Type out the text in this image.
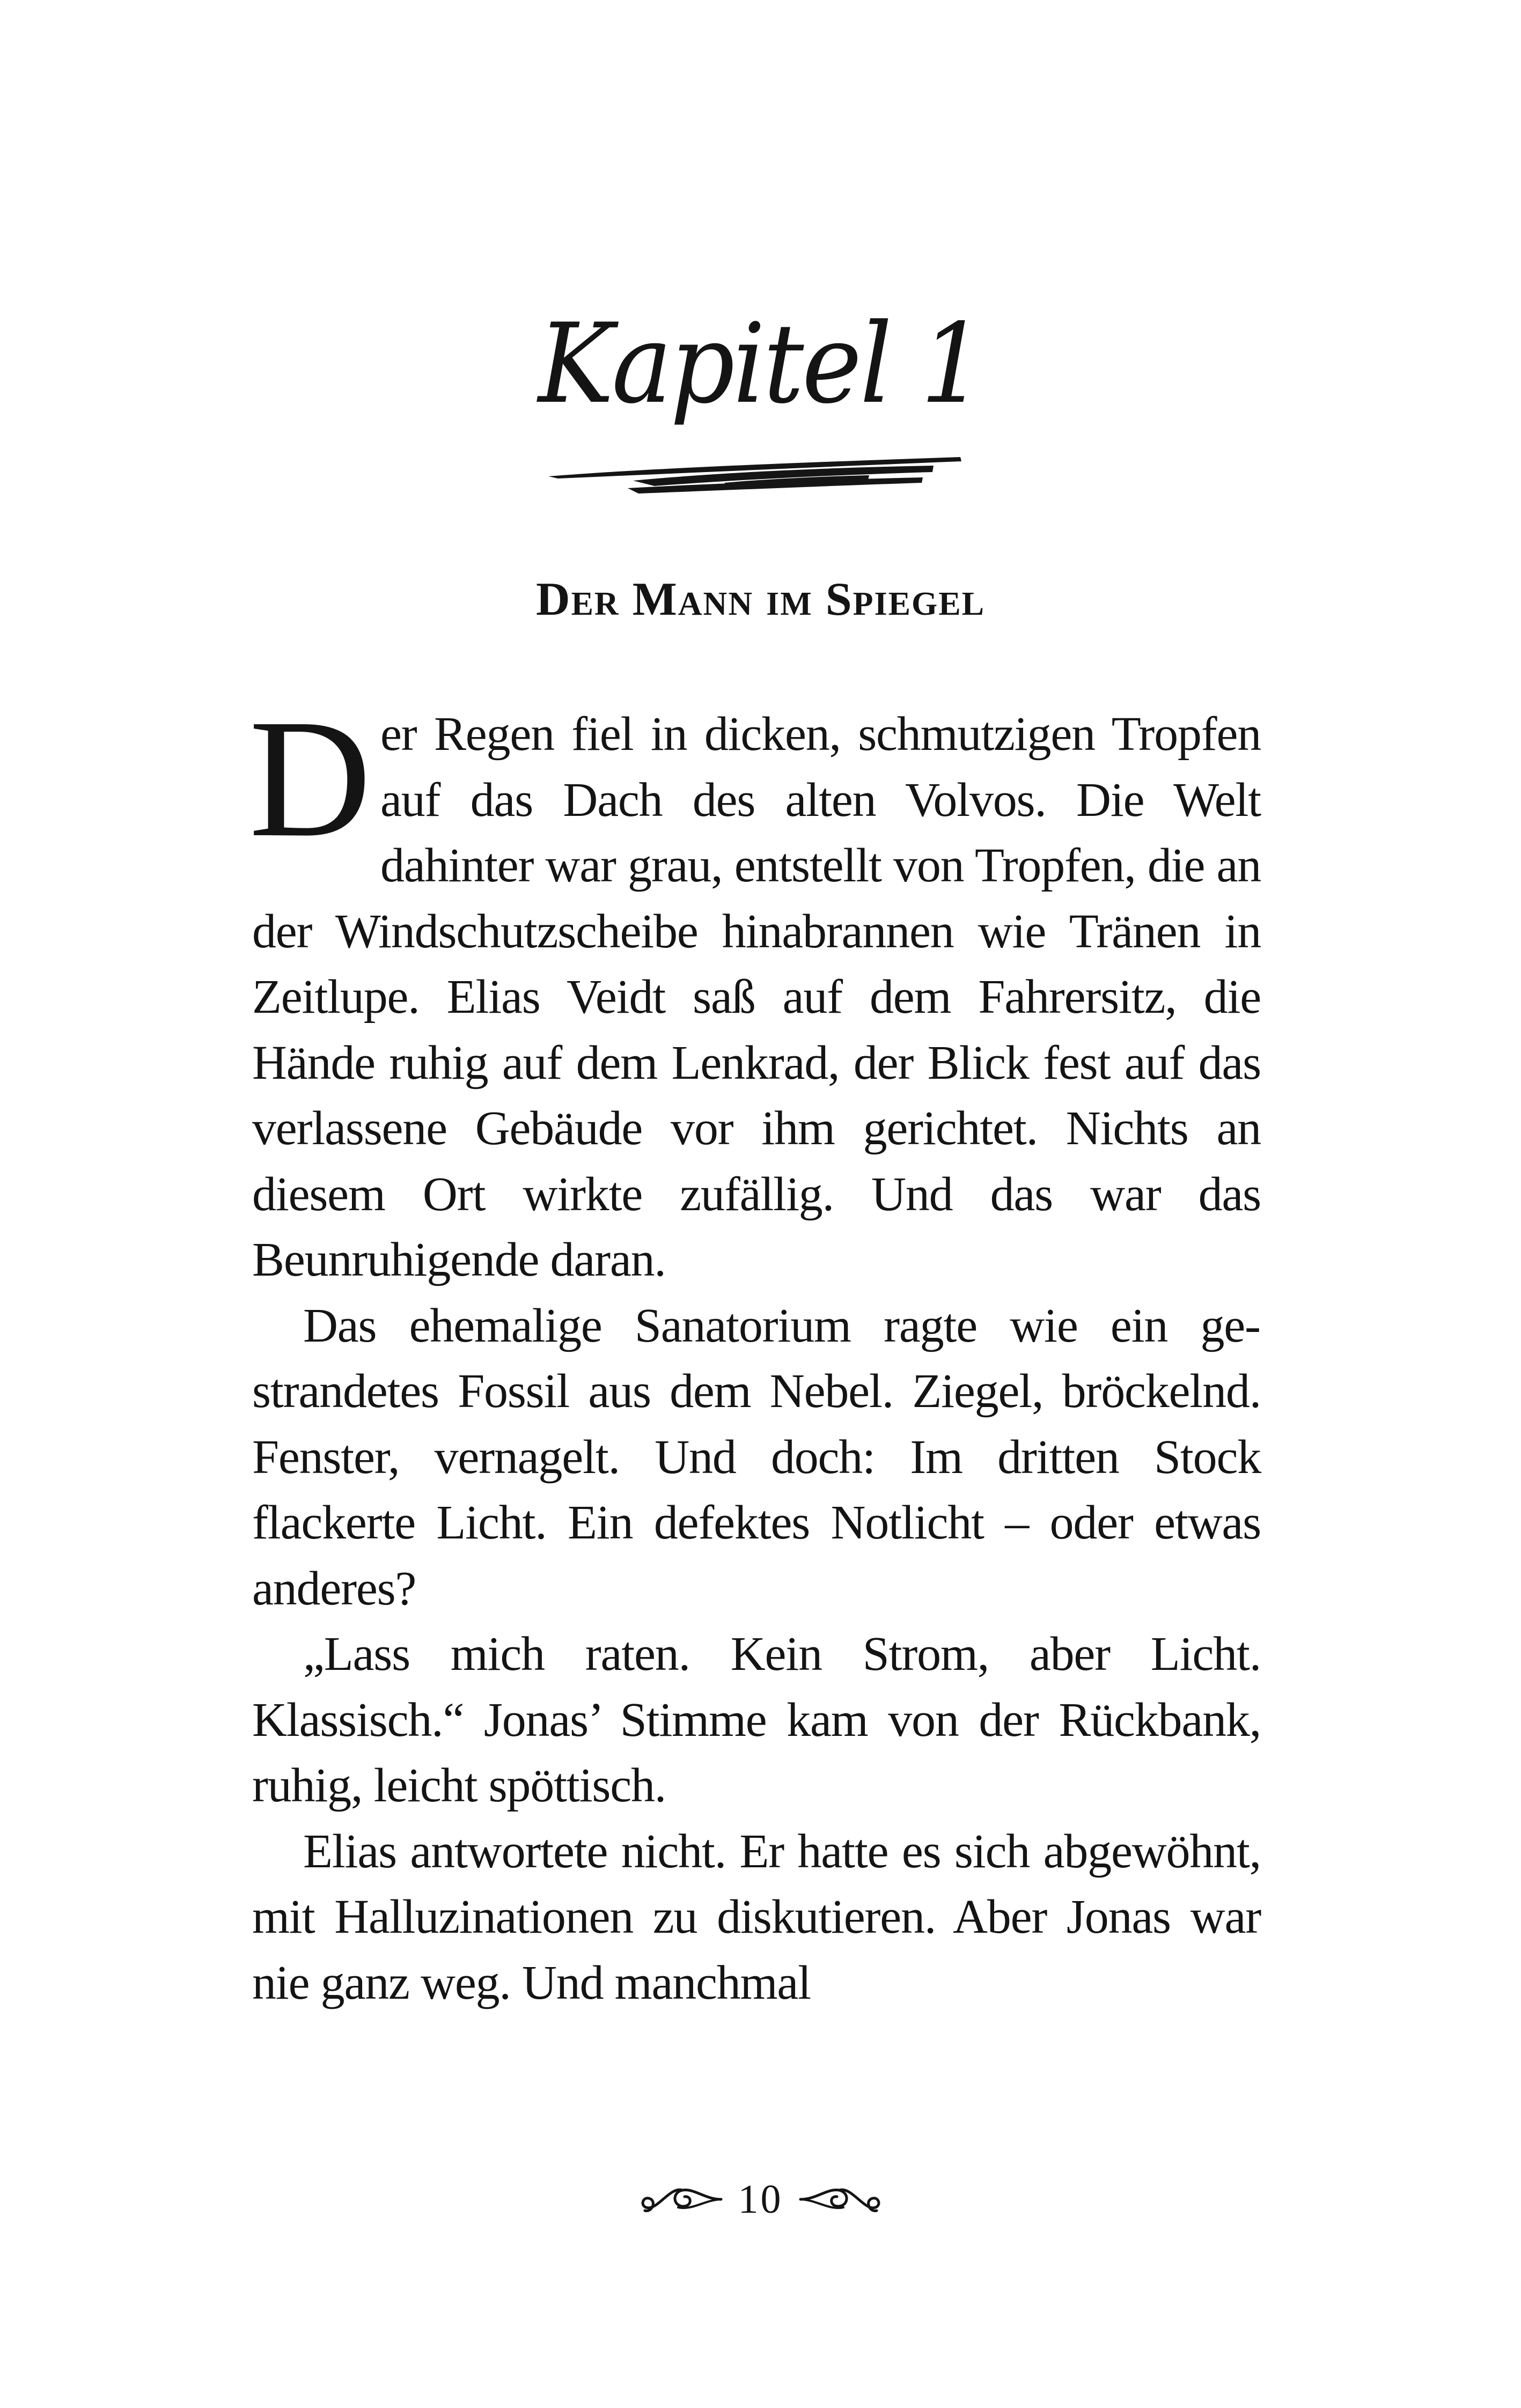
Kapitel 1
Der Mann im Spiegel

Der Regen fiel in dicken, schmutzigen Tropfen auf das Dach des alten Volvos. Die Welt dahinter war grau, entstellt von Tropfen, die an der Windschutzscheibe hinabrannen wie Tränen in Zeitlupe. Elias Veidt saß auf dem Fahrersitz, die Hände ruhig auf dem Lenkrad, der Blick fest auf das verlassene Gebäude vor ihm gerichtet. Nichts an diesem Ort wirkte zufällig. Und das war das Beunruhigende daran.

Das ehemalige Sanatorium ragte wie ein gestrandetes Fossil aus dem Nebel. Ziegel, bröckelnd. Fenster, vernagelt. Und doch: Im dritten Stock flackerte Licht. Ein defektes Notlicht – oder etwas anderes?

„Lass mich raten. Kein Strom, aber Licht. Klassisch.“ Jonas’ Stimme kam von der Rückbank, ruhig, leicht spöttisch.

Elias antwortete nicht. Er hatte es sich abgewöhnt, mit Halluzinationen zu diskutieren. Aber Jonas war nie ganz weg. Und manchmal

10
